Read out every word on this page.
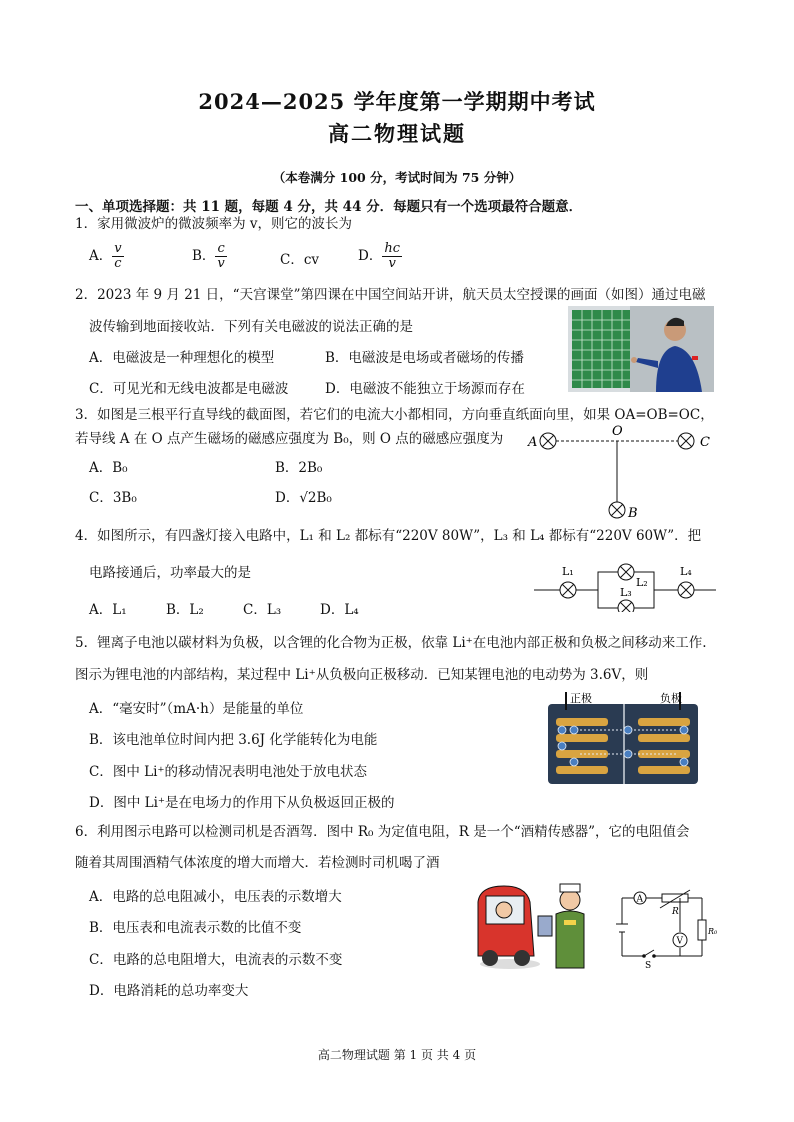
2024—2025 学年度第一学期期中考试
高二物理试题
（本卷满分 100 分，考试时间为 75 分钟）
一、单项选择题：共 11 题，每题 4 分，共 44 分．每题只有一个选项最符合题意．
1．家用微波炉的微波频率为 v，则它的波长为
A． $\frac{v}{c}$	B． $\frac{c}{v}$	C．cv	D． $\frac{hc}{v}$
2．2023 年 9 月 21 日，“天宫课堂”第四课在中国空间站开讲，航天员太空授课的画面（如图）通过电磁
波传输到地面接收站．下列有关电磁波的说法正确的是
A．电磁波是一种理想化的模型	B．电磁波是电场或者磁场的传播
C．可见光和无线电波都是电磁波	D．电磁波不能独立于场源而存在
3．如图是三根平行直导线的截面图，若它们的电流大小都相同，方向垂直纸面向里，如果 OA=OB=OC，
若导线 A 在 O 点产生磁场的磁感应强度为 B₀，则 O 点的磁感应强度为
A．B₀	B．2B₀
C．3B₀	D．√2B₀
A
O
C
B
4．如图所示，有四盏灯接入电路中，L₁ 和 L₂ 都标有“220V 80W”，L₃ 和 L₄ 都标有“220V 60W”．把
电路接通后，功率最大的是
A．L₁	B．L₂	C．L₃	D．L₄
L₁
L₂
L₃
L₄
5．锂离子电池以碳材料为负极，以含锂的化合物为正极，依靠 Li⁺在电池内部正极和负极之间移动来工作.
图示为锂电池的内部结构，某过程中 Li⁺从负极向正极移动．已知某锂电池的电动势为 3.6V，则
A．“毫安时”（mA·h）是能量的单位
B．该电池单位时间内把 3.6J 化学能转化为电能
C．图中 Li⁺的移动情况表明电池处于放电状态
D．图中 Li⁺是在电场力的作用下从负极返回正极的
正极	负极
6．利用图示电路可以检测司机是否酒驾．图中 R₀ 为定值电阻，R 是一个“酒精传感器”，它的电阻值会
随着其周围酒精气体浓度的增大而增大．若检测时司机喝了酒
A．电路的总电阻减小，电压表的示数增大
B．电压表和电流表示数的比值不变
C．电路的总电阻增大，电流表的示数不变
D．电路消耗的总功率变大
A
V
R
R₀
S
高二物理试题 第 1 页 共 4 页
